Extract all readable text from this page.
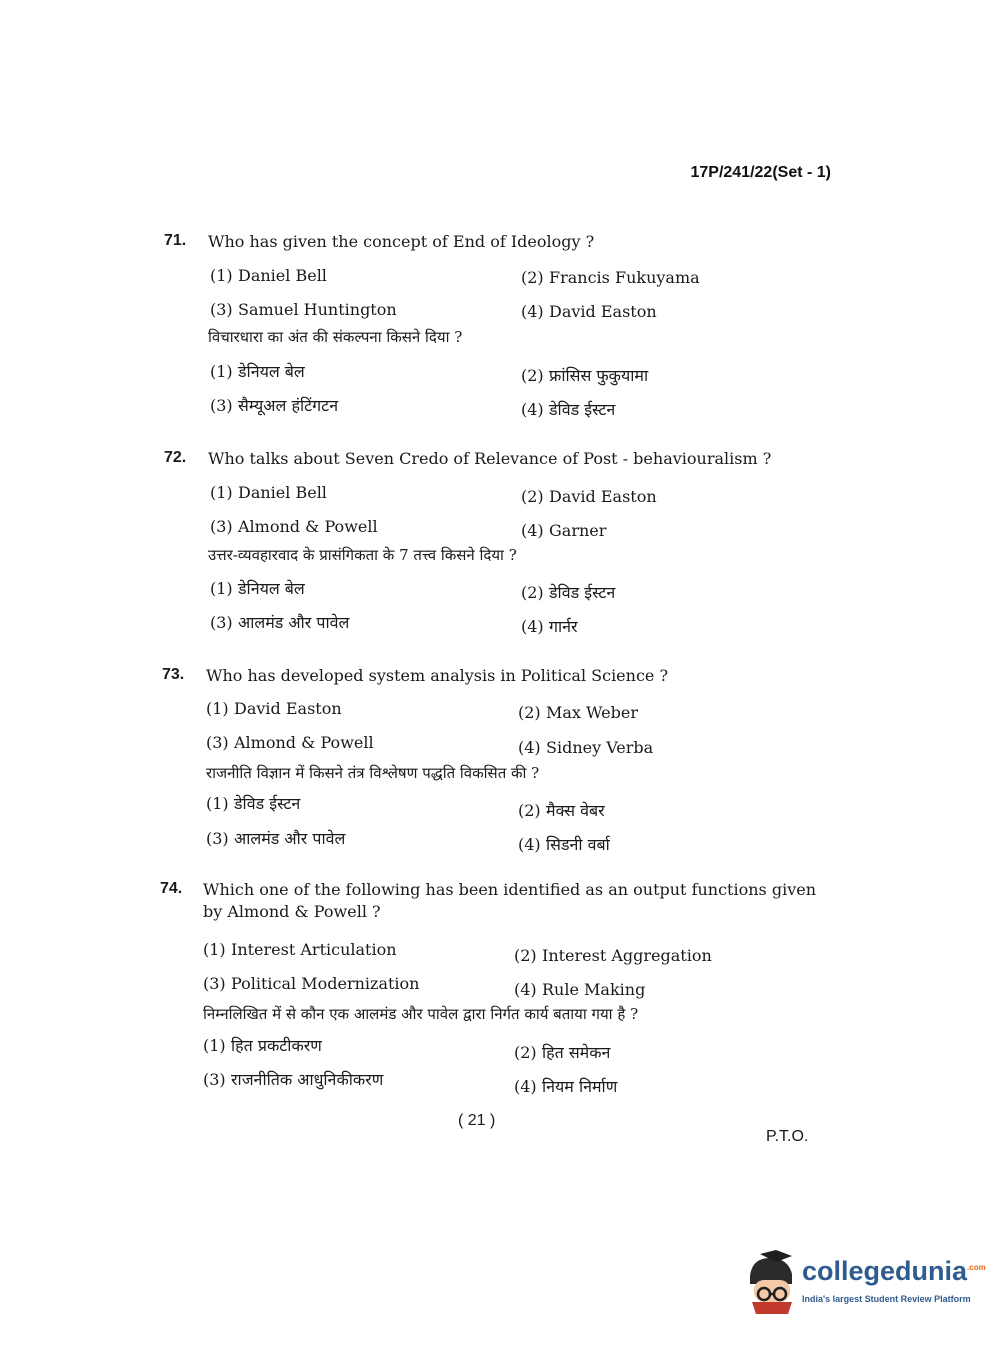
17P/241/22(Set - 1)
71. Who has given the concept of End of Ideology ?
(1) Daniel Bell	(2) Francis Fukuyama
(3) Samuel Huntington	(4) David Easton
विचारधारा का अंत की संकल्पना किसने दिया ?
(1) डेनियल बेल	(2) फ्रांसिस फुकुयामा
(3) सैम्यूअल हंटिंगटन	(4) डेविड ईस्टन
72. Who talks about Seven Credo of Relevance of Post - behaviouralism ?
(1) Daniel Bell	(2) David Easton
(3) Almond & Powell	(4) Garner
उत्तर-व्यवहारवाद के प्रासंगिकता के 7 तत्त्व किसने दिया ?
(1) डेनियल बेल	(2) डेविड ईस्टन
(3) आलमंड और पावेल	(4) गार्नर
73. Who has developed system analysis in Political Science ?
(1) David Easton	(2) Max Weber
(3) Almond & Powell	(4) Sidney Verba
राजनीति विज्ञान में किसने तंत्र विश्लेषण पद्धति विकसित की ?
(1) डेविड ईस्टन	(2) मैक्स वेबर
(3) आलमंड और पावेल	(4) सिडनी वर्बा
74. Which one of the following has been identified as an output functions given by Almond & Powell ?
(1) Interest Articulation	(2) Interest Aggregation
(3) Political Modernization	(4) Rule Making
निम्नलिखित में से कौन एक आलमंड और पावेल द्वारा निर्गत कार्य बताया गया है ?
(1) हित प्रकटीकरण	(2) हित समेकन
(3) राजनीतिक आधुनिकीकरण	(4) नियम निर्माण
( 21 )
P.T.O.
collegedunia$^{.com}$
India's largest Student Review Platform
